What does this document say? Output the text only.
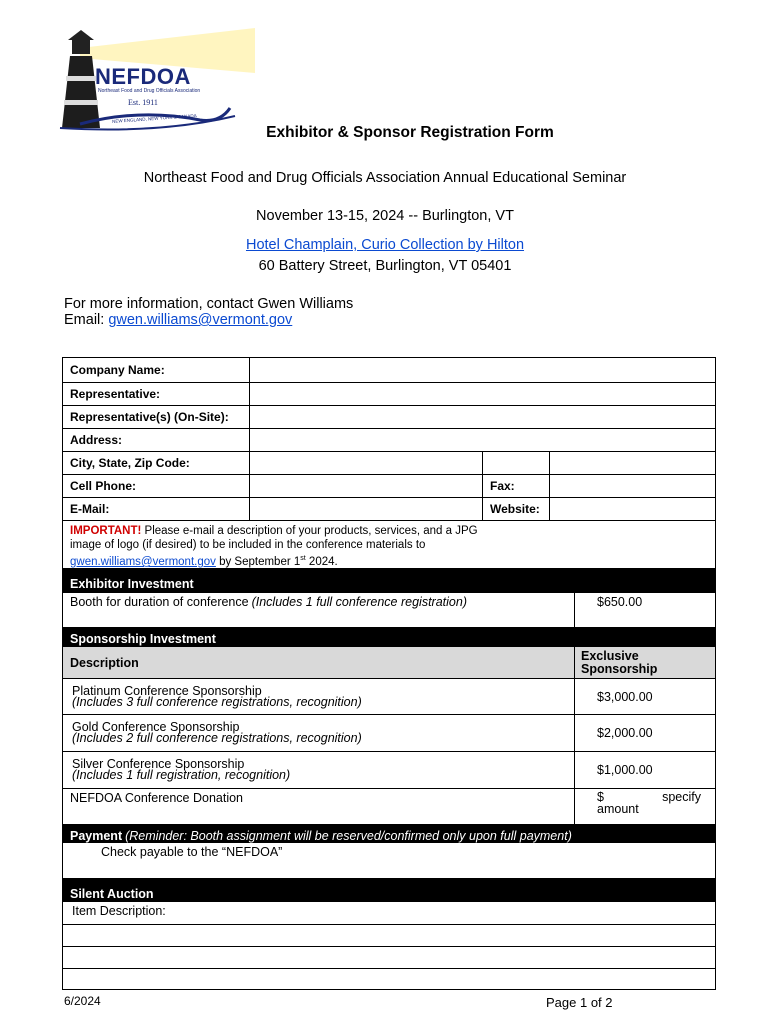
NEFDOA
Northeast Food and Drug Officials Association
Est. 1911
NEW ENGLAND, NEW YORK & CANADA
Exhibitor & Sponsor Registration Form
Northeast Food and Drug Officials Association Annual Educational Seminar
November 13-15, 2024 -- Burlington, VT
Hotel Champlain, Curio Collection by Hilton
60 Battery Street, Burlington, VT 05401
For more information, contact Gwen Williams
Email: gwen.williams@vermont.gov
Company Name:
Representative:
Representative(s) (On-Site):
Address:
City, State, Zip Code:
Cell Phone:	Fax:
E-Mail:	Website:
IMPORTANT! Please e-mail a description of your products, services, and a JPG
image of logo (if desired) to be included in the conference materials to
gwen.williams@vermont.gov by September 1st 2024.
Exhibitor Investment
Booth for duration of conference (Includes 1 full conference registration)	$650.00
Sponsorship Investment
Description	Exclusive
Sponsorship
Platinum Conference Sponsorship
(Includes 3 full conference registrations, recognition)	$3,000.00
Gold Conference Sponsorship
(Includes 2 full conference registrations, recognition)	$2,000.00
Silver Conference Sponsorship
(Includes 1 full registration, recognition)	$1,000.00
NEFDOA Conference Donation	$	specify
amount
Payment (Reminder: Booth assignment will be reserved/confirmed only upon full payment)
Check payable to the “NEFDOA”
Silent Auction
Item Description:
6/2024	Page 1 of 2
